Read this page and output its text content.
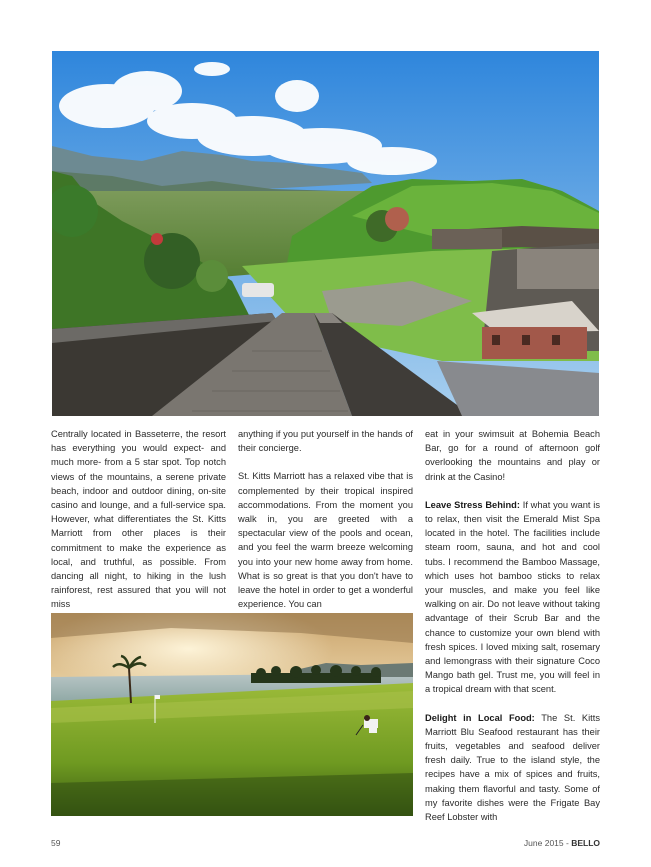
Centrally located in Basseterre, the resort has everything you would expect- and much more- from a 5 star spot. Top notch views of the mountains, a serene private beach, indoor and outdoor dining, on-site casino and lounge, and a full-service spa. However, what differentiates the St. Kitts Marriott from other places is their commitment to make the experience as local, and truthful, as possible. From dancing all night, to hiking in the lush rainforest, rest assured that you will not miss

anything if you put yourself in the hands of their concierge.

St. Kitts Marriott has a relaxed vibe that is complemented by their tropical inspired accommodations. From the moment you walk in, you are greeted with a spectacular view of the pools and ocean, and you feel the warm breeze welcoming you into your new home away from home. What is so great is that you don't have to leave the hotel in order to get a wonderful experience. You can

eat in your swimsuit at Bohemia Beach Bar, go for a round of afternoon golf overlooking the mountains and play or drink at the Casino!

Leave Stress Behind: If what you want is to relax, then visit the Emerald Mist Spa located in the hotel. The facilities include steam room, sauna, and hot and cool tubs. I recommend the Bamboo Massage, which uses hot bamboo sticks to relax your muscles, and make you feel like walking on air. Do not leave without taking advantage of their Scrub Bar and the chance to customize your own blend with fresh spices. I loved mixing salt, rosemary and lemongrass with their signature Coco Mango bath gel. Trust me, you will feel in a tropical dream with that scent.

Delight in Local Food: The St. Kitts Marriott Blu Seafood restaurant has their fruits, vegetables and seafood deliver fresh daily. True to the island style, the recipes have a mix of spices and fruits, making them flavorful and tasty. Some of my favorite dishes were the Frigate Bay Reef Lobster with

59	June 2015 - BELLO
